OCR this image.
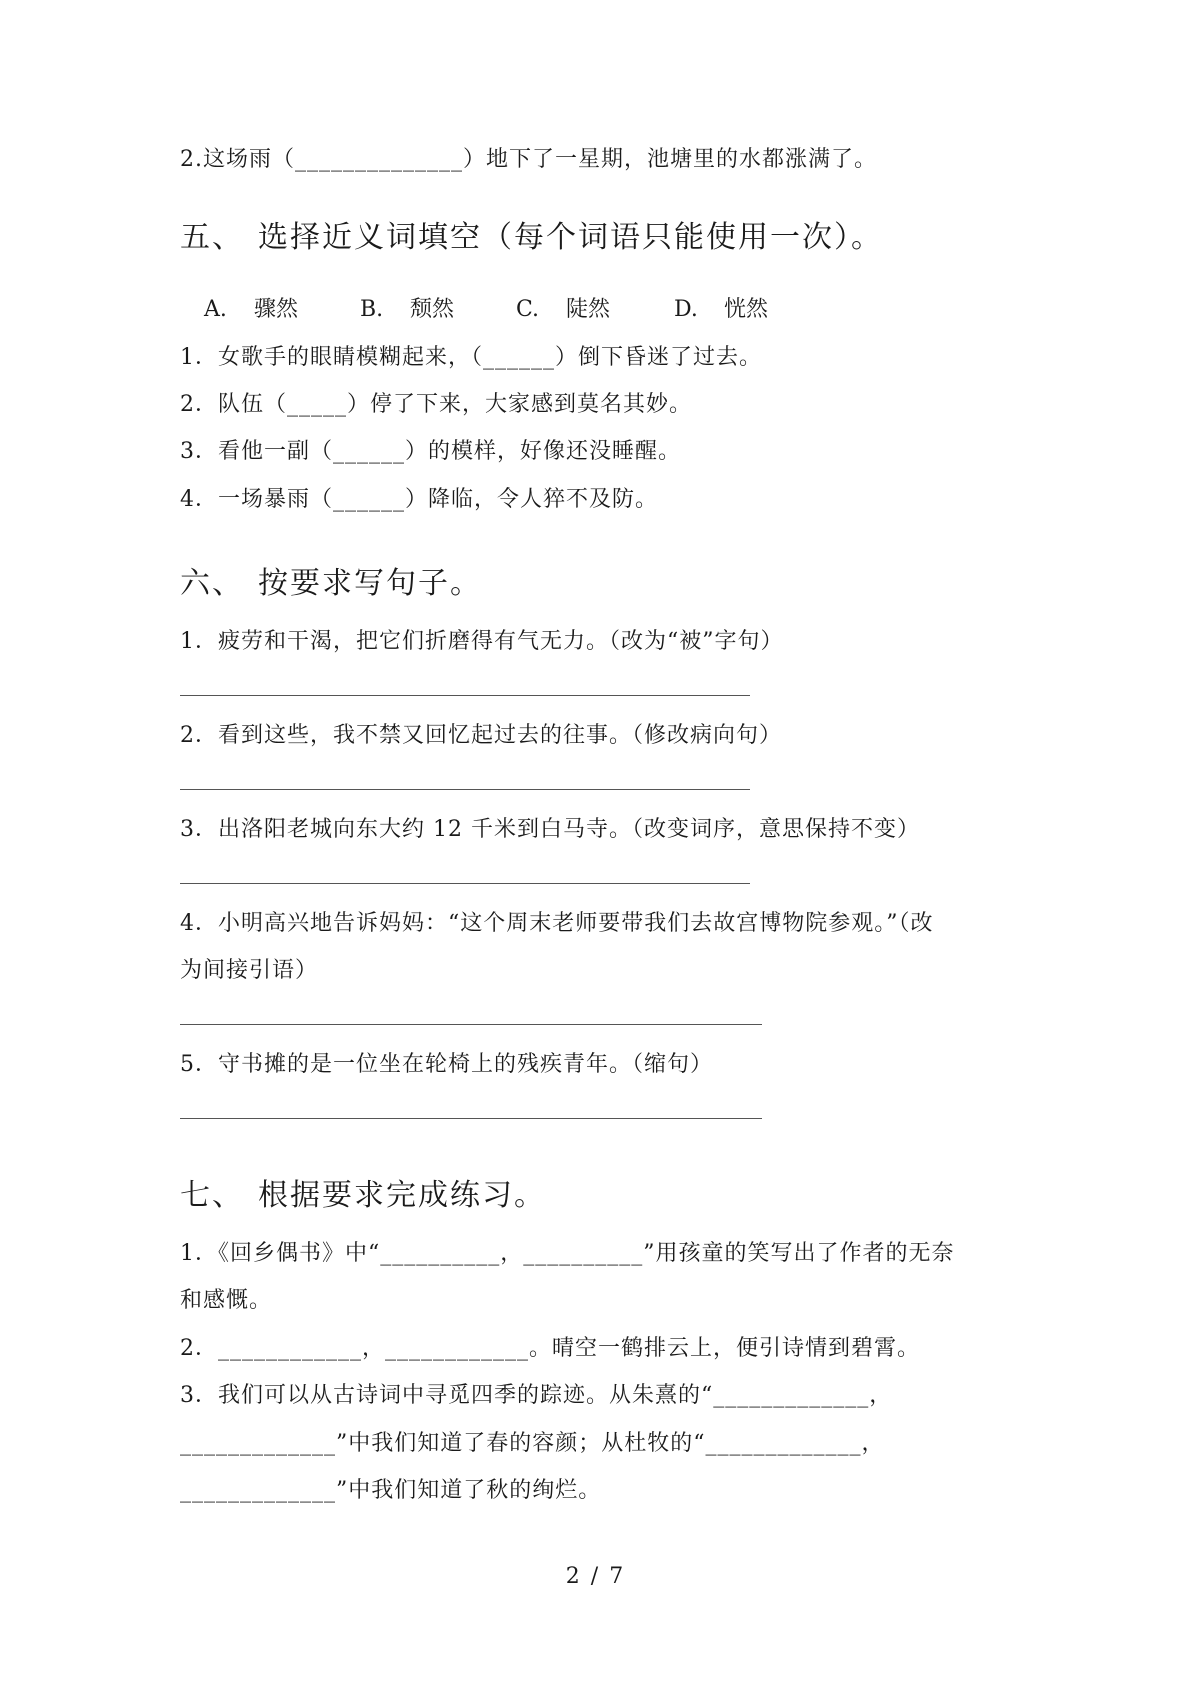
2.这场雨（______________）地下了一星期，池塘里的水都涨满了。
五、 选择近义词填空（每个词语只能使用一次）。
A. 骤然	B. 颓然	C. 陡然	D. 恍然
1．女歌手的眼睛模糊起来，（______）倒下昏迷了过去。
2．队伍（_____）停了下来，大家感到莫名其妙。
3．看他一副（______）的模样，好像还没睡醒。
4．一场暴雨（______）降临，令人猝不及防。
六、 按要求写句子。
1．疲劳和干渴，把它们折磨得有气无力。（改为“被”字句）
2．看到这些，我不禁又回忆起过去的往事。（修改病向句）
3．出洛阳老城向东大约 12 千米到白马寺。（改变词序，意思保持不变）
4．小明高兴地告诉妈妈：“这个周末老师要带我们去故宫博物院参观。”（改
为间接引语）
5．守书摊的是一位坐在轮椅上的残疾青年。（缩句）
七、 根据要求完成练习。
1．《回乡偶书》中“__________，__________”用孩童的笑写出了作者的无奈
和感慨。
2．____________，____________。晴空一鹤排云上，便引诗情到碧霄。
3．我们可以从古诗词中寻觅四季的踪迹。从朱熹的“_____________，
_____________”中我们知道了春的容颜；从杜牧的“_____________，
_____________”中我们知道了秋的绚烂。
2 / 7
